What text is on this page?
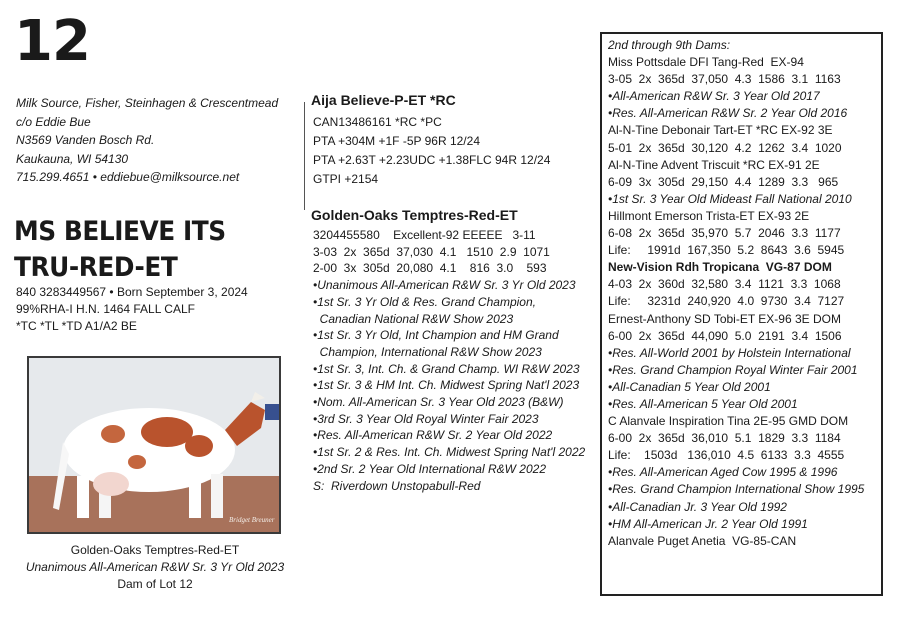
12
Milk Source, Fisher, Steinhagen & Crescentmead
c/o Eddie Bue
N3569 Vanden Bosch Rd.
Kaukauna, WI 54130
715.299.4651 • eddiebue@milksource.net
MS BELIEVE ITS
TRU-RED-ET
840 3283449567 • Born September 3, 2024
99%RHA-I H.N. 1464 FALL CALF
*TC *TL *TD A1/A2 BE
Bridget Breuner
Golden-Oaks Temptres-Red-ET
Unanimous All-American R&W Sr. 3 Yr Old 2023
Dam of Lot 12
Aija Believe-P-ET *RC
CAN13486161 *RC *PC
PTA +304M +1F -5P 96R 12/24
PTA +2.63T +2.23UDC +1.38FLC 94R 12/24
GTPI +2154
Golden-Oaks Temptres-Red-ET
3204455580    Excellent-92 EEEEE   3-11
3-03  2x  365d  37,030  4.1   1510  2.9  1071
2-00  3x  305d  20,080  4.1    816  3.0    593
•Unanimous All-American R&W Sr. 3 Yr Old 2023
•1st Sr. 3 Yr Old & Res. Grand Champion,
Canadian National R&W Show 2023
•1st Sr. 3 Yr Old, Int Champion and HM Grand
Champion, International R&W Show 2023
•1st Sr. 3, Int. Ch. & Grand Champ. WI R&W 2023
•1st Sr. 3 & HM Int. Ch. Midwest Spring Nat'l 2023
•Nom. All-American Sr. 3 Year Old 2023 (B&W)
•3rd Sr. 3 Year Old Royal Winter Fair 2023
•Res. All-American R&W Sr. 2 Year Old 2022
•1st Sr. 2 & Res. Int. Ch. Midwest Spring Nat'l 2022
•2nd Sr. 2 Year Old International R&W 2022
S:  Riverdown Unstopabull-Red
2nd through 9th Dams:
Miss Pottsdale DFI Tang-Red  EX-94
3-05  2x  365d  37,050  4.3  1586  3.1  1163
•All-American R&W Sr. 3 Year Old 2017
•Res. All-American R&W Sr. 2 Year Old 2016
Al-N-Tine Debonair Tart-ET *RC EX-92 3E
5-01  2x  365d  30,120  4.2  1262  3.4  1020
Al-N-Tine Advent Triscuit *RC EX-91 2E
6-09  3x  305d  29,150  4.4  1289  3.3   965
•1st Sr. 3 Year Old Mideast Fall National 2010
Hillmont Emerson Trista-ET EX-93 2E
6-08  2x  365d  35,970  5.7  2046  3.3  1177
Life:     1991d  167,350  5.2  8643  3.6  5945
New-Vision Rdh Tropicana  VG-87 DOM
4-03  2x  360d  32,580  3.4  1121  3.3  1068
Life:     3231d  240,920  4.0  9730  3.4  7127
Ernest-Anthony SD Tobi-ET EX-96 3E DOM
6-00  2x  365d  44,090  5.0  2191  3.4  1506
•Res. All-World 2001 by Holstein International
•Res. Grand Champion Royal Winter Fair 2001
•All-Canadian 5 Year Old 2001
•Res. All-American 5 Year Old 2001
C Alanvale Inspiration Tina 2E-95 GMD DOM
6-00  2x  365d  36,010  5.1  1829  3.3  1184
Life:    1503d   136,010  4.5  6133  3.3  4555
•Res. All-American Aged Cow 1995 & 1996
•Res. Grand Champion International Show 1995
•All-Canadian Jr. 3 Year Old 1992
•HM All-American Jr. 2 Year Old 1991
Alanvale Puget Anetia  VG-85-CAN
